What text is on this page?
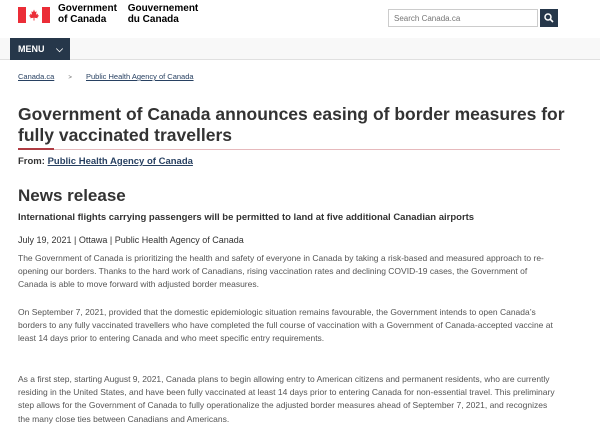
Government
of Canada Gouvernement
du Canada
Search Canada.ca
MENU ⌵
Canada.ca > Public Health Agency of Canada
Government of Canada announces easing of border measures for fully vaccinated travellers
From: Public Health Agency of Canada
News release
International flights carrying passengers will be permitted to land at five additional Canadian airports
July 19, 2021 | Ottawa | Public Health Agency of Canada

The Government of Canada is prioritizing the health and safety of everyone in Canada by taking a risk-based and measured approach to re-opening our borders. Thanks to the hard work of Canadians, rising vaccination rates and declining COVID-19 cases, the Government of Canada is able to move forward with adjusted border measures.

On September 7, 2021, provided that the domestic epidemiologic situation remains favourable, the Government intends to open Canada’s borders to any fully vaccinated travellers who have completed the full course of vaccination with a Government of Canada-accepted vaccine at least 14 days prior to entering Canada and who meet specific entry requirements.

As a first step, starting August 9, 2021, Canada plans to begin allowing entry to American citizens and permanent residents, who are currently residing in the United States, and have been fully vaccinated at least 14 days prior to entering Canada for non-essential travel. This preliminary step allows for the Government of Canada to fully operationalize the adjusted border measures ahead of September 7, 2021, and recognizes the many close ties between Canadians and Americans.
